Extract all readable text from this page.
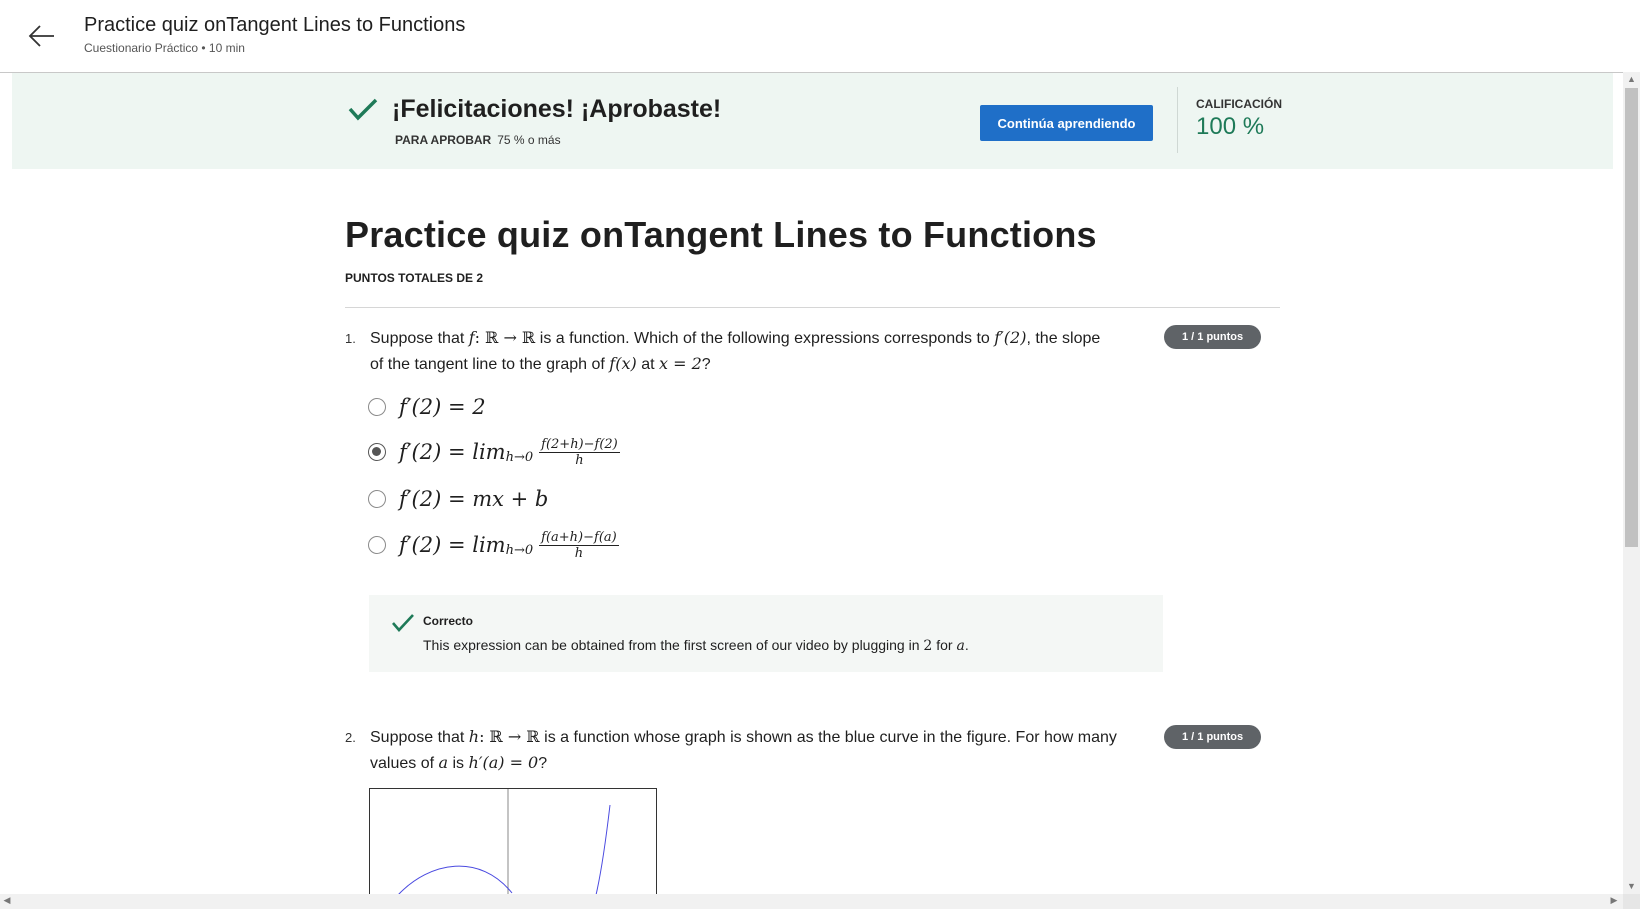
Practice quiz onTangent Lines to Functions
Cuestionario Práctico • 10 min
¡Felicitaciones! ¡Aprobaste!
PARA APROBAR 75 % o más
Continúa aprendiendo
CALIFICACIÓN
100 %
Practice quiz onTangent Lines to Functions
PUNTOS TOTALES DE 2
1. Suppose that f: ℝ → ℝ is a function. Which of the following expressions corresponds to f′(2), the slope
of the tangent line to the graph of f(x) at x = 2?
1 / 1 puntos
f′(2) = 2
$f'(2) = \lim h\to 0 \frac{f(2+h)-f(2)}{h}$
f′(2) = mx + b
$f'(2) = \lim h\to 0 \frac{f(a+h)-f(a)}{h}$
Correcto
This expression can be obtained from the first screen of our video by plugging in 2 for a.
2. Suppose that h: ℝ → ℝ is a function whose graph is shown as the blue curve in the figure. For how many
values of a is h′(a) = 0?
1 / 1 puntos
▲
▼
◀	▶
